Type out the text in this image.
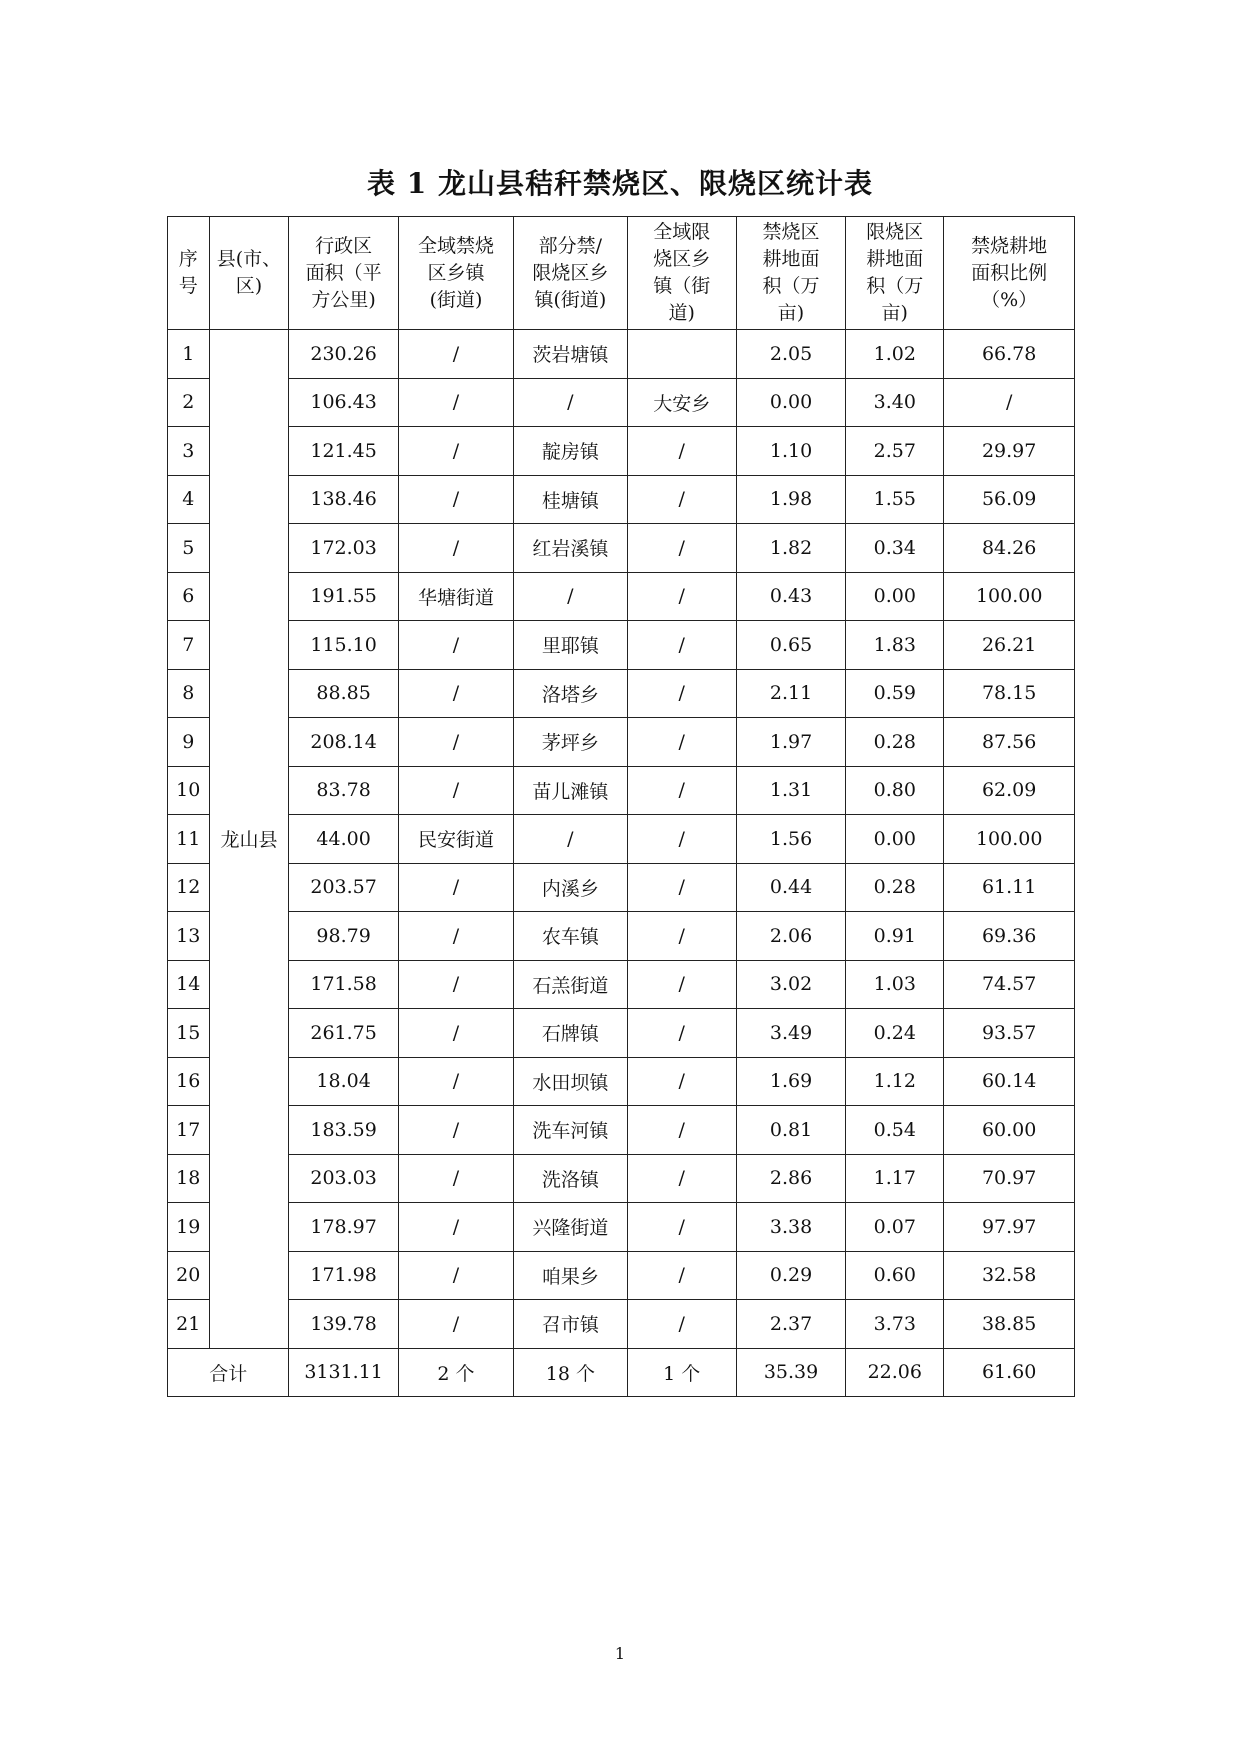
表 1 龙山县秸秆禁烧区、限烧区统计表
序
号	县(市、
区)	行政区
面积（平
方公里)	全域禁烧
区乡镇
(街道)	部分禁/
限烧区乡
镇(街道)	全域限
烧区乡
镇（街
道)	禁烧区
耕地面
积（万
亩)	限烧区
耕地面
积（万
亩)	禁烧耕地
面积比例
（%）
1	龙山县	230.26	/	茨岩塘镇		2.05	1.02	66.78
2		106.43	/	/	大安乡	0.00	3.40	/
3		121.45	/	靛房镇	/	1.10	2.57	29.97
4		138.46	/	桂塘镇	/	1.98	1.55	56.09
5		172.03	/	红岩溪镇	/	1.82	0.34	84.26
6		191.55	华塘街道	/	/	0.43	0.00	100.00
7		115.10	/	里耶镇	/	0.65	1.83	26.21
8		88.85	/	洛塔乡	/	2.11	0.59	78.15
9		208.14	/	茅坪乡	/	1.97	0.28	87.56
10		83.78	/	苗儿滩镇	/	1.31	0.80	62.09
11		44.00	民安街道	/	/	1.56	0.00	100.00
12		203.57	/	内溪乡	/	0.44	0.28	61.11
13		98.79	/	农车镇	/	2.06	0.91	69.36
14		171.58	/	石羔街道	/	3.02	1.03	74.57
15		261.75	/	石牌镇	/	3.49	0.24	93.57
16		18.04	/	水田坝镇	/	1.69	1.12	60.14
17		183.59	/	洗车河镇	/	0.81	0.54	60.00
18		203.03	/	洗洛镇	/	2.86	1.17	70.97
19		178.97	/	兴隆街道	/	3.38	0.07	97.97
20		171.98	/	咱果乡	/	0.29	0.60	32.58
21		139.78	/	召市镇	/	2.37	3.73	38.85
合计		3131.11	2 个	18 个	1 个	35.39	22.06	61.60
1
